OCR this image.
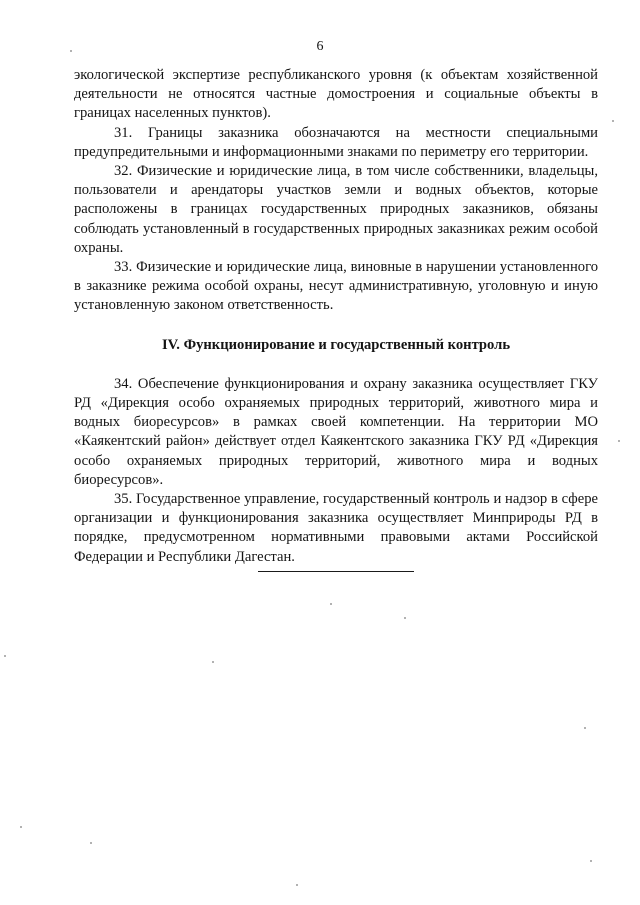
6

экологической экспертизе республиканского уровня (к объектам хозяйственной деятельности не относятся частные домостроения и социальные объекты в границах населенных пунктов).

31. Границы заказника обозначаются на местности специальными предупредительными и информационными знаками по периметру его территории.

32. Физические и юридические лица, в том числе собственники, владельцы, пользователи и арендаторы участков земли и водных объектов, которые расположены в границах государственных природных заказников, обязаны соблюдать установленный в государственных природных заказниках режим особой охраны.

33. Физические и юридические лица, виновные в нарушении установленного в заказнике режима особой охраны, несут административную, уголовную и иную установленную законом ответственность.

IV. Функционирование и государственный контроль

34. Обеспечение функционирования и охрану заказника осуществляет ГКУ РД «Дирекция особо охраняемых природных территорий, животного мира и водных биоресурсов» в рамках своей компетенции. На территории МО «Каякентский район» действует отдел Каякентского заказника ГКУ РД «Дирекция особо охраняемых природных территорий, животного мира и водных биоресурсов».

35. Государственное управление, государственный контроль и надзор в сфере организации и функционирования заказника осуществляет Минприроды РД в порядке, предусмотренном нормативными правовыми актами Российской Федерации и Республики Дагестан.
